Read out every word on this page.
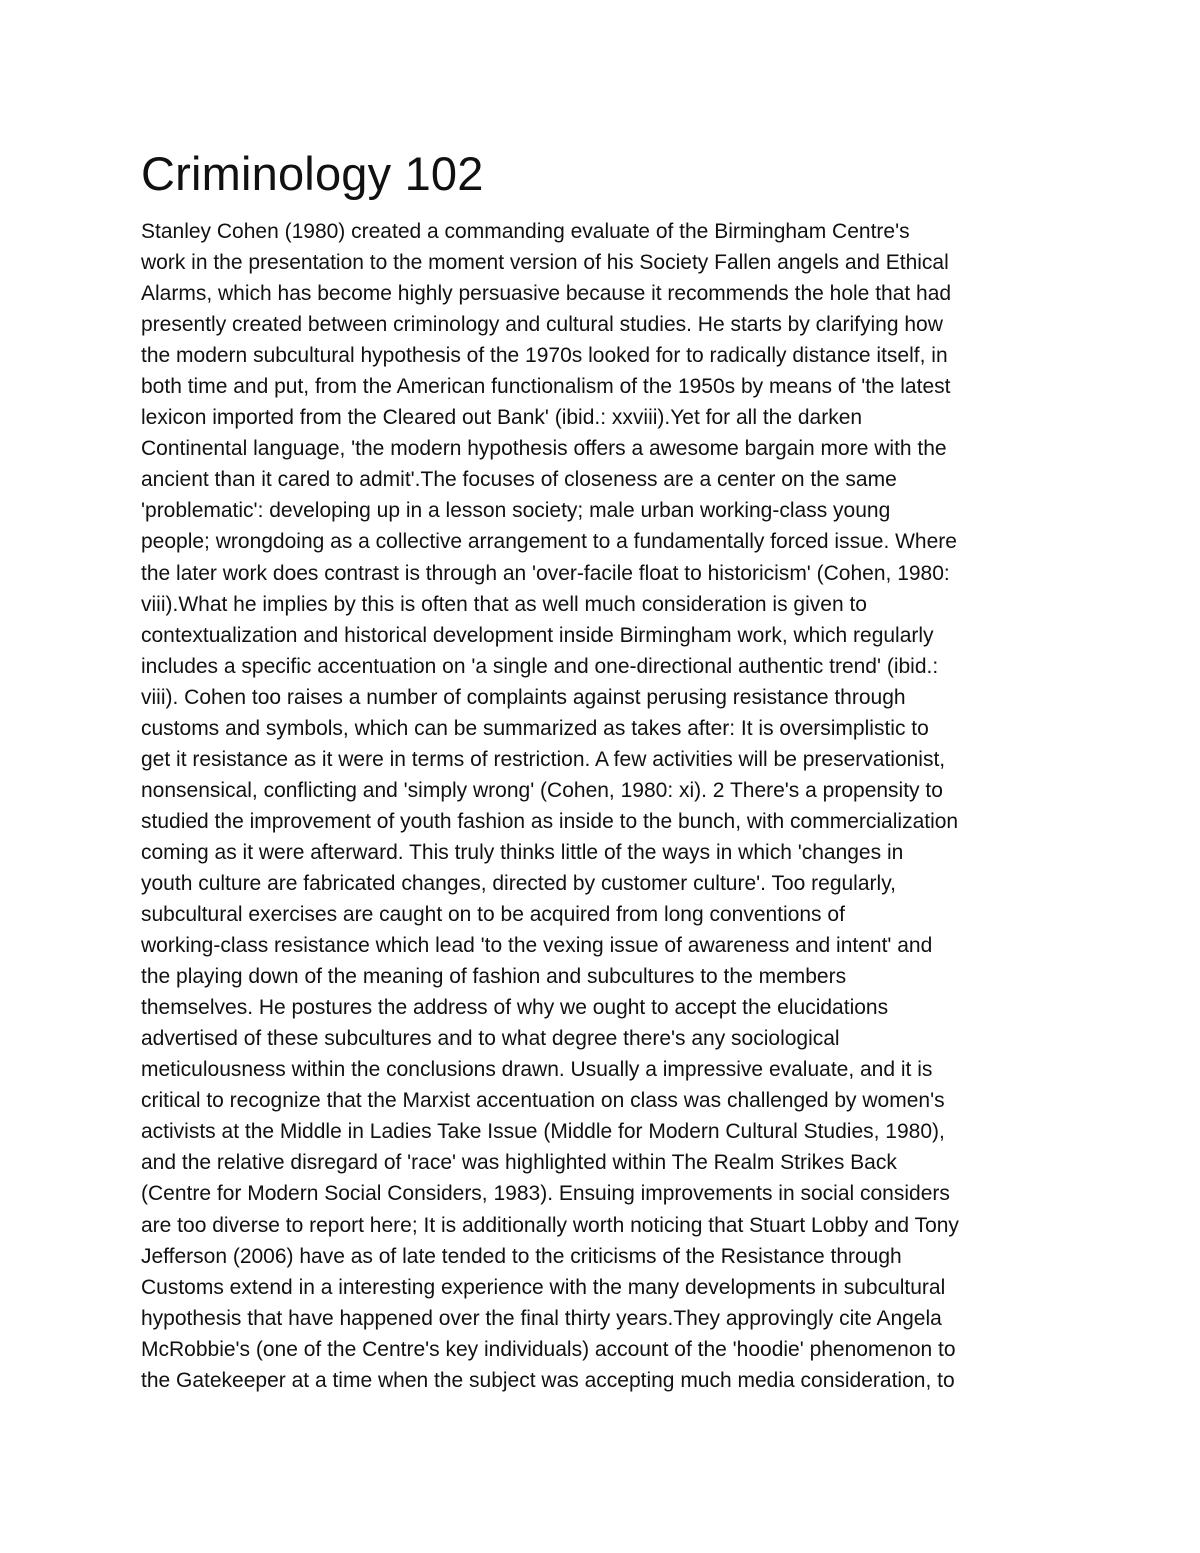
Criminology 102
Stanley Cohen (1980) created a commanding evaluate of the Birmingham Centre's
work in the presentation to the moment version of his Society Fallen angels and Ethical
Alarms, which has become highly persuasive because it recommends the hole that had
presently created between criminology and cultural studies. He starts by clarifying how
the modern subcultural hypothesis of the 1970s looked for to radically distance itself, in
both time and put, from the American functionalism of the 1950s by means of 'the latest
lexicon imported from the Cleared out Bank' (ibid.: xxviii).Yet for all the darken
Continental language, 'the modern hypothesis offers a awesome bargain more with the
ancient than it cared to admit'.The focuses of closeness are a center on the same
'problematic': developing up in a lesson society; male urban working-class young
people; wrongdoing as a collective arrangement to a fundamentally forced issue. Where
the later work does contrast is through an 'over-facile float to historicism' (Cohen, 1980:
viii).What he implies by this is often that as well much consideration is given to
contextualization and historical development inside Birmingham work, which regularly
includes a specific accentuation on 'a single and one-directional authentic trend' (ibid.:
viii). Cohen too raises a number of complaints against perusing resistance through
customs and symbols, which can be summarized as takes after: It is oversimplistic to
get it resistance as it were in terms of restriction. A few activities will be preservationist,
nonsensical, conflicting and 'simply wrong' (Cohen, 1980: xi). 2 There's a propensity to
studied the improvement of youth fashion as inside to the bunch, with commercialization
coming as it were afterward. This truly thinks little of the ways in which 'changes in
youth culture are fabricated changes, directed by customer culture'. Too regularly,
subcultural exercises are caught on to be acquired from long conventions of
working-class resistance which lead 'to the vexing issue of awareness and intent' and
the playing down of the meaning of fashion and subcultures to the members
themselves. He postures the address of why we ought to accept the elucidations
advertised of these subcultures and to what degree there's any sociological
meticulousness within the conclusions drawn. Usually a impressive evaluate, and it is
critical to recognize that the Marxist accentuation on class was challenged by women's
activists at the Middle in Ladies Take Issue (Middle for Modern Cultural Studies, 1980),
and the relative disregard of 'race' was highlighted within The Realm Strikes Back
(Centre for Modern Social Considers, 1983). Ensuing improvements in social considers
are too diverse to report here; It is additionally worth noticing that Stuart Lobby and Tony
Jefferson (2006) have as of late tended to the criticisms of the Resistance through
Customs extend in a interesting experience with the many developments in subcultural
hypothesis that have happened over the final thirty years.They approvingly cite Angela
McRobbie's (one of the Centre's key individuals) account of the 'hoodie' phenomenon to
the Gatekeeper at a time when the subject was accepting much media consideration, to
